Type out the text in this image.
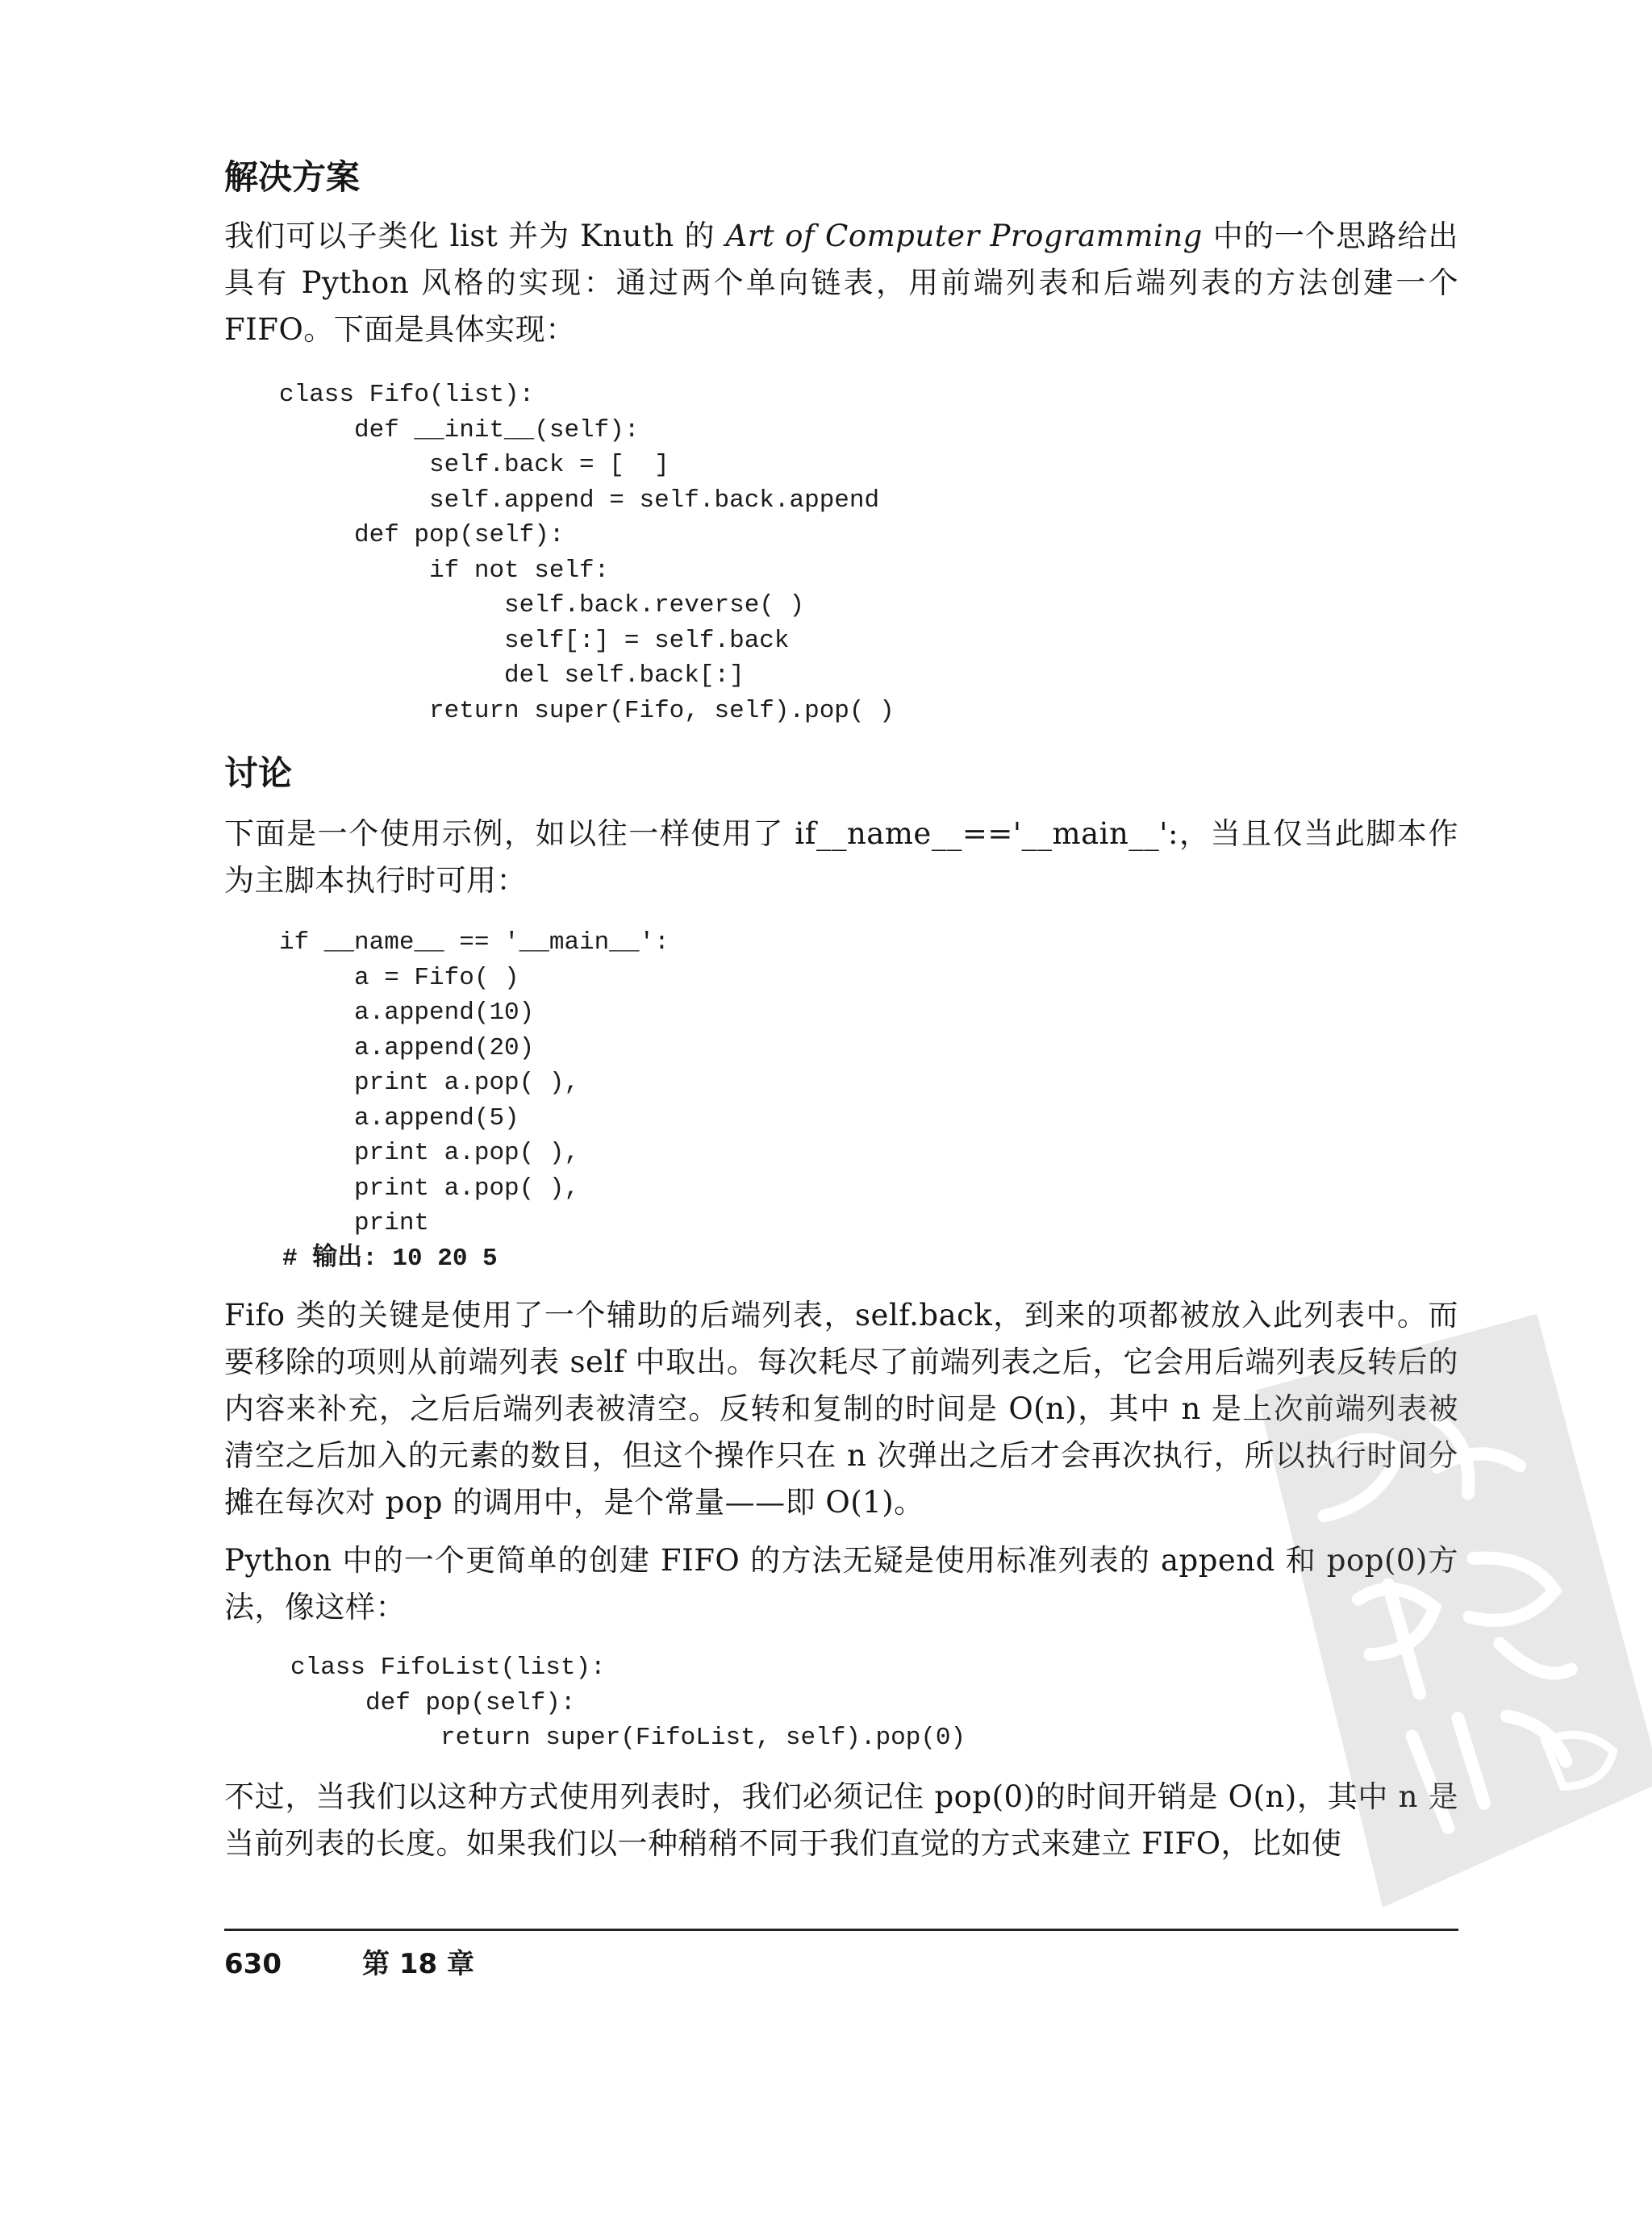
解决方案

我们可以子类化 list 并为 Knuth 的 Art of Computer Programming 中的一个思路给出具有 Python 风格的实现：通过两个单向链表，用前端列表和后端列表的方法创建一个 FIFO。下面是具体实现：

class Fifo(list):
def __init__(self):
self.back = [  ]
self.append = self.back.append
def pop(self):
if not self:
self.back.reverse( )
self[:] = self.back
del self.back[:]
return super(Fifo, self).pop( )
讨论

下面是一个使用示例，如以往一样使用了 if__name__=='__main__':，当且仅当此脚本作为主脚本执行时可用：

if __name__ == '__main__':
a = Fifo( )
a.append(10)
a.append(20)
print a.pop( ),
a.append(5)
print a.pop( ),
print a.pop( ),
print
# 输出: 10 20 5

Fifo 类的关键是使用了一个辅助的后端列表，self.back，到来的项都被放入此列表中。而要移除的项则从前端列表 self 中取出。每次耗尽了前端列表之后，它会用后端列表反转后的内容来补充，之后后端列表被清空。反转和复制的时间是 O(n)，其中 n 是上次前端列表被清空之后加入的元素的数目，但这个操作只在 n 次弹出之后才会再次执行，所以执行时间分摊在每次对 pop 的调用中，是个常量——即 O(1)。

Python 中的一个更简单的创建 FIFO 的方法无疑是使用标准列表的 append 和 pop(0)方法，像这样：

class FifoList(list):
def pop(self):
return super(FifoList, self).pop(0)

不过，当我们以这种方式使用列表时，我们必须记住 pop(0)的时间开销是 O(n)，其中 n 是当前列表的长度。如果我们以一种稍稍不同于我们直觉的方式来建立 FIFO，比如使

630	第 18 章
